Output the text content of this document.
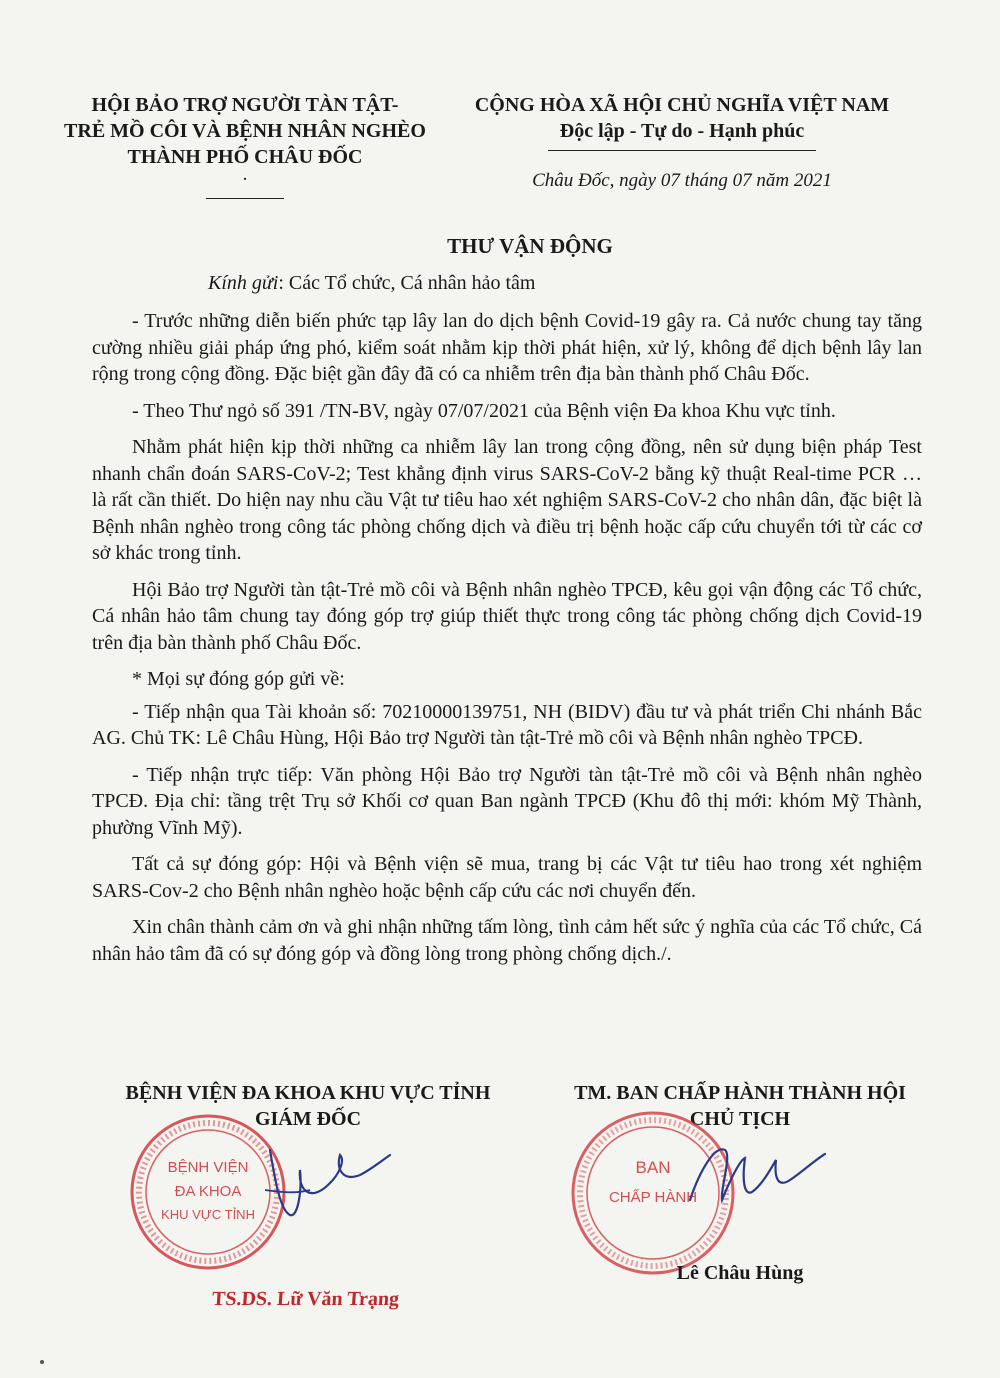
HỘI BẢO TRỢ NGƯỜI TÀN TẬT-
TRẺ MỒ CÔI VÀ BỆNH NHÂN NGHÈO
THÀNH PHỐ CHÂU ĐỐC
.
CỘNG HÒA XÃ HỘI CHỦ NGHĨA VIỆT NAM
Độc lập - Tự do - Hạnh phúc
Châu Đốc, ngày 07 tháng 07 năm 2021
THƯ VẬN ĐỘNG
Kính gửi: Các Tổ chức, Cá nhân hảo tâm

- Trước những diễn biến phức tạp lây lan do dịch bệnh Covid-19 gây ra. Cả nước chung tay tăng cường nhiều giải pháp ứng phó, kiểm soát nhằm kịp thời phát hiện, xử lý, không để dịch bệnh lây lan rộng trong cộng đồng. Đặc biệt gần đây đã có ca nhiễm trên địa bàn thành phố Châu Đốc.

- Theo Thư ngỏ số 391 /TN-BV, ngày 07/07/2021 của Bệnh viện Đa khoa Khu vực tỉnh.

Nhằm phát hiện kịp thời những ca nhiễm lây lan trong cộng đồng, nên sử dụng biện pháp Test nhanh chẩn đoán SARS-CoV-2; Test khẳng định virus SARS-CoV-2 bằng kỹ thuật Real-time PCR … là rất cần thiết. Do hiện nay nhu cầu Vật tư tiêu hao xét nghiệm SARS-CoV-2 cho nhân dân, đặc biệt là Bệnh nhân nghèo trong công tác phòng chống dịch và điều trị bệnh hoặc cấp cứu chuyển tới từ các cơ sở khác trong tỉnh.

Hội Bảo trợ Người tàn tật-Trẻ mồ côi và Bệnh nhân nghèo TPCĐ, kêu gọi vận động các Tổ chức, Cá nhân hảo tâm chung tay đóng góp trợ giúp thiết thực trong công tác phòng chống dịch Covid-19 trên địa bàn thành phố Châu Đốc.

* Mọi sự đóng góp gửi về:

- Tiếp nhận qua Tài khoản số: 70210000139751, NH (BIDV) đầu tư và phát triển Chi nhánh Bắc AG. Chủ TK: Lê Châu Hùng, Hội Bảo trợ Người tàn tật-Trẻ mồ côi và Bệnh nhân nghèo TPCĐ.

- Tiếp nhận trực tiếp: Văn phòng Hội Bảo trợ Người tàn tật-Trẻ mồ côi và Bệnh nhân nghèo TPCĐ. Địa chỉ: tầng trệt Trụ sở Khối cơ quan Ban ngành TPCĐ (Khu đô thị mới: khóm Mỹ Thành, phường Vĩnh Mỹ).

Tất cả sự đóng góp: Hội và Bệnh viện sẽ mua, trang bị các Vật tư tiêu hao trong xét nghiệm SARS-Cov-2 cho Bệnh nhân nghèo hoặc bệnh cấp cứu các nơi chuyển đến.

Xin chân thành cảm ơn và ghi nhận những tấm lòng, tình cảm hết sức ý nghĩa của các Tổ chức, Cá nhân hảo tâm đã có sự đóng góp và đồng lòng trong phòng chống dịch./.

BỆNH VIỆN ĐA KHOA KHU VỰC TỈNH
GIÁM ĐỐC
TM. BAN CHẤP HÀNH THÀNH HỘI
CHỦ TỊCH
BỆNH VIỆN
ĐA KHOA
KHU VỰC TỈNH
BAN
CHẤP HÀNH
TS.DS. Lữ Văn Trạng
Lê Châu Hùng
